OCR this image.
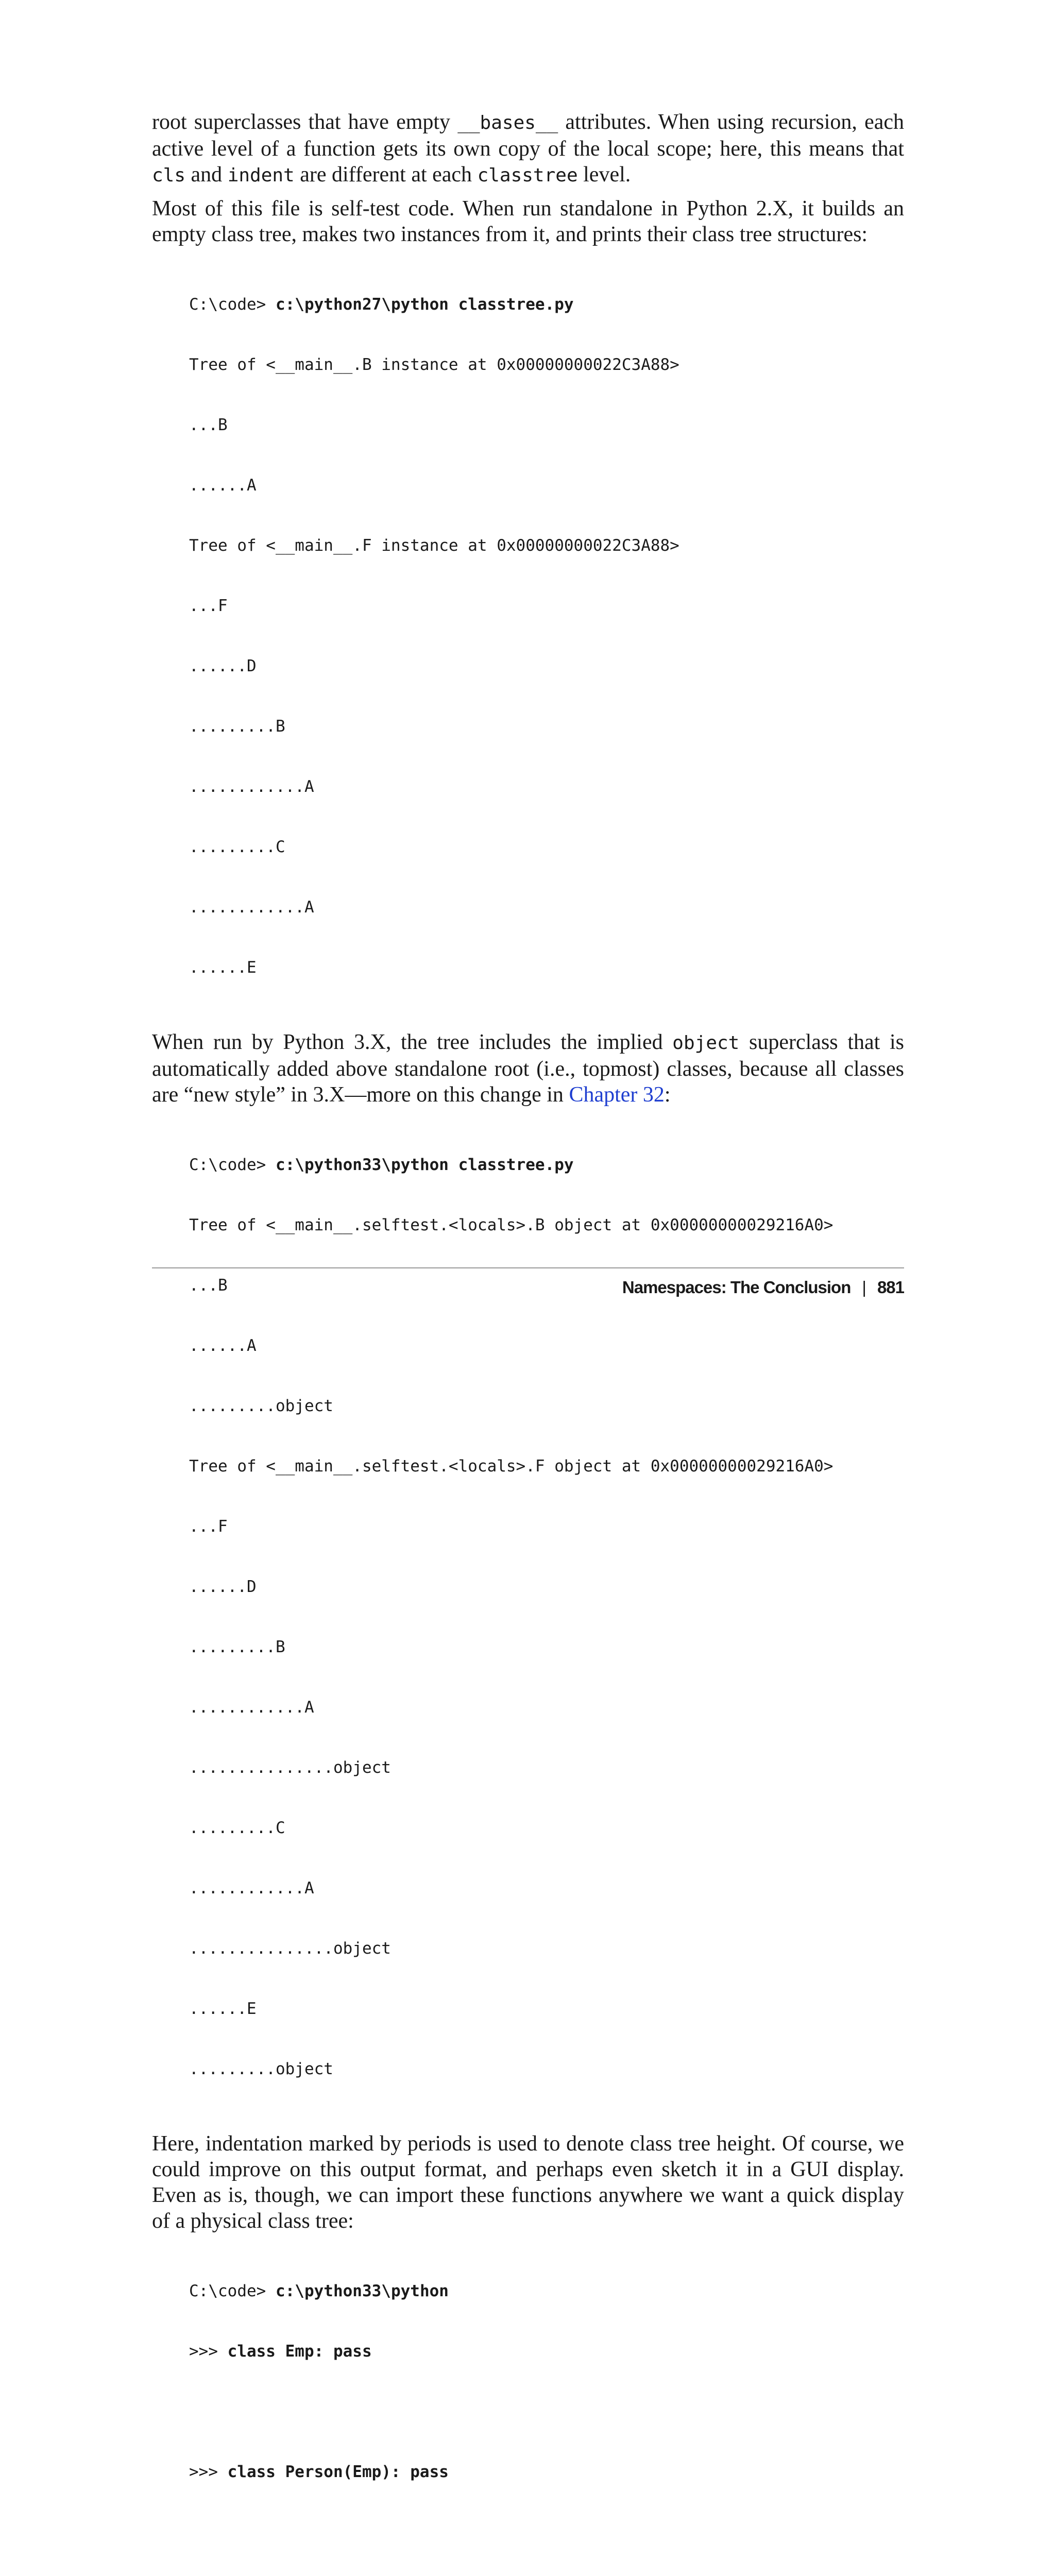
root superclasses that have empty __bases__ attributes. When using recursion, each active level of a function gets its own copy of the local scope; here, this means that cls and indent are different at each classtree level.

Most of this file is self-test code. When run standalone in Python 2.X, it builds an empty class tree, makes two instances from it, and prints their class tree structures:

C:\code> c:\python27\python classtree.py

Tree of <__main__.B instance at 0x00000000022C3A88>

...B

......A

Tree of <__main__.F instance at 0x00000000022C3A88>

...F

......D

.........B

............A

.........C

............A

......E

When run by Python 3.X, the tree includes the implied object superclass that is automatically added above standalone root (i.e., topmost) classes, because all classes are “new style” in 3.X—more on this change in Chapter 32:

C:\code> c:\python33\python classtree.py

Tree of <__main__.selftest.<locals>.B object at 0x00000000029216A0>

...B

......A

.........object

Tree of <__main__.selftest.<locals>.F object at 0x00000000029216A0>

...F

......D

.........B

............A

...............object

.........C

............A

...............object

......E

.........object

Here, indentation marked by periods is used to denote class tree height. Of course, we could improve on this output format, and perhaps even sketch it in a GUI display. Even as is, though, we can import these functions anywhere we want a quick display of a physical class tree:

C:\code> c:\python33\python

>>> class Emp: pass

>>> class Person(Emp): pass

Namespaces: The Conclusion | 881
